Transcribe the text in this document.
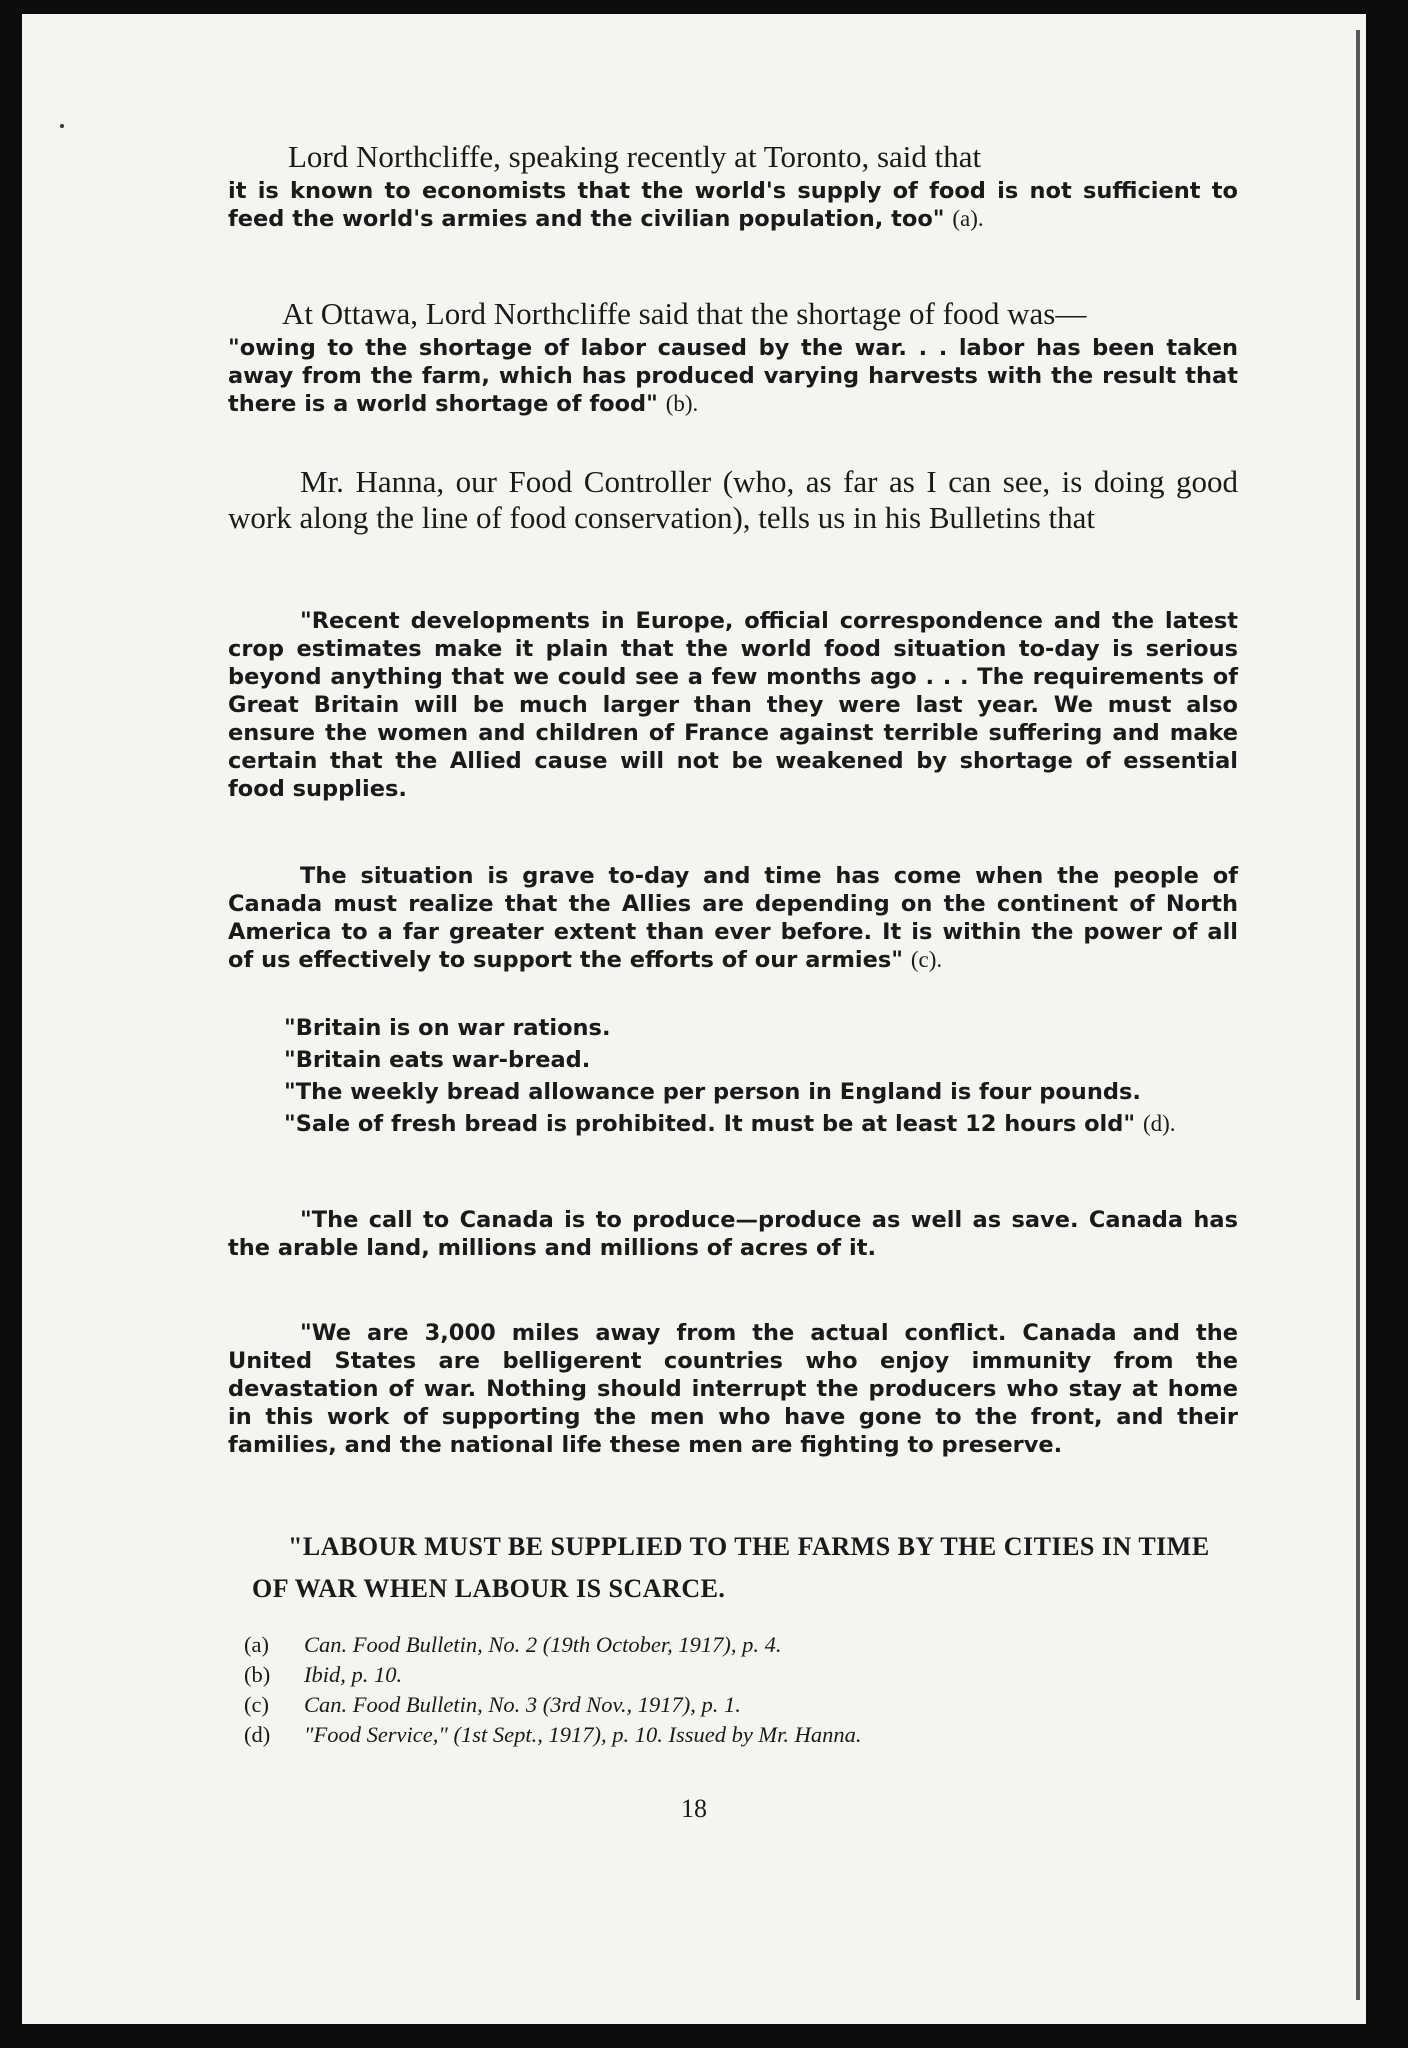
Lord Northcliffe, speaking recently at Toronto, said that

it is known to economists that the world's supply of food is not sufficient to feed the world's armies and the civilian population, too" (a).

At Ottawa, Lord Northcliffe said that the shortage of food was—

"owing to the shortage of labor caused by the war. . . labor has been taken away from the farm, which has produced varying harvests with the result that there is a world shortage of food" (b).

Mr. Hanna, our Food Controller (who, as far as I can see, is doing good work along the line of food conservation), tells us in his Bulletins that

"Recent developments in Europe, official correspondence and the latest crop estimates make it plain that the world food situation to-day is serious beyond anything that we could see a few months ago . . . The requirements of Great Britain will be much larger than they were last year. We must also ensure the women and children of France against terrible suffering and make certain that the Allied cause will not be weakened by shortage of essential food supplies.

The situation is grave to-day and time has come when the people of Canada must realize that the Allies are depending on the continent of North America to a far greater extent than ever before. It is within the power of all of us effectively to support the efforts of our armies" (c).

"Britain is on war rations.

"Britain eats war-bread.

"The weekly bread allowance per person in England is four pounds.

"Sale of fresh bread is prohibited. It must be at least 12 hours old" (d).

"The call to Canada is to produce—produce as well as save. Canada has the arable land, millions and millions of acres of it.

"We are 3,000 miles away from the actual conflict. Canada and the United States are belligerent countries who enjoy immunity from the devastation of war. Nothing should interrupt the producers who stay at home in this work of supporting the men who have gone to the front, and their families, and the national life these men are fighting to preserve.

"LABOUR MUST BE SUPPLIED TO THE FARMS BY THE CITIES IN TIME OF WAR WHEN LABOUR IS SCARCE.

(a)	Can. Food Bulletin, No. 2 (19th October, 1917), p. 4.
(b)	Ibid, p. 10.
(c)	Can. Food Bulletin, No. 3 (3rd Nov., 1917), p. 1.
(d)	"Food Service," (1st Sept., 1917), p. 10. Issued by Mr. Hanna.
18
